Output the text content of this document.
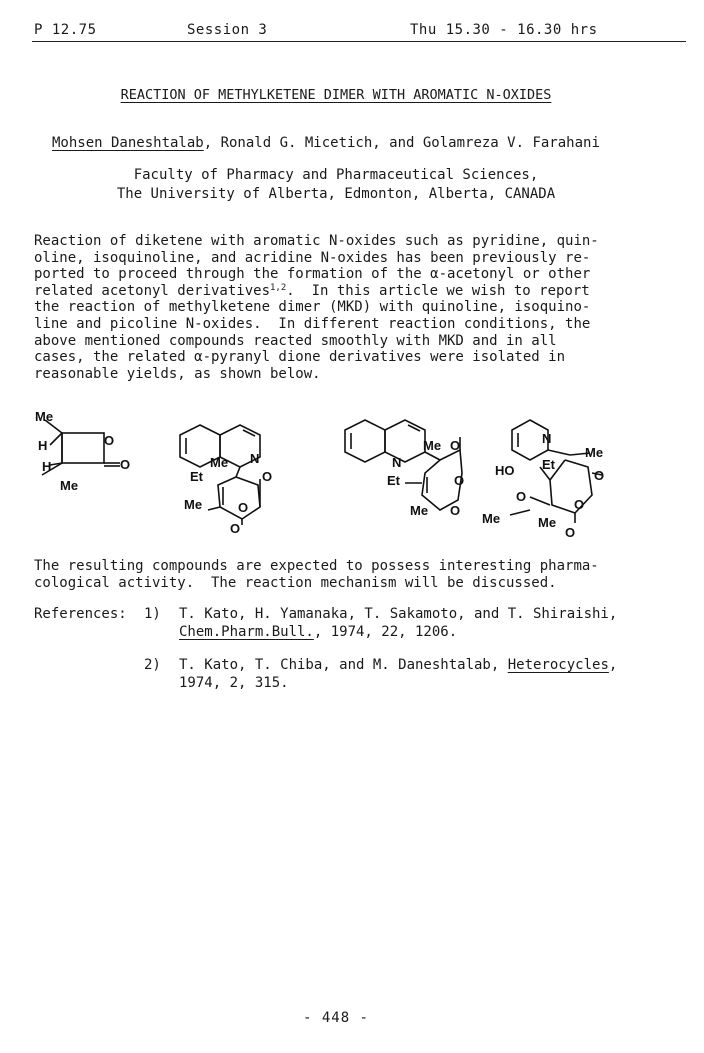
P 12.75	Session 3	Thu 15.30 - 16.30 hrs
REACTION OF METHYLKETENE DIMER WITH AROMATIC N-OXIDES
Mohsen Daneshtalab, Ronald G. Micetich, and Golamreza V. Farahani
Faculty of Pharmacy and Pharmaceutical Sciences,
The University of Alberta, Edmonton, Alberta, CANADA
Reaction of diketene with aromatic N-oxides such as pyridine, quin-
oline, isoquinoline, and acridine N-oxides has been previously re-
ported to proceed through the formation of the α-acetonyl or other
related acetonyl derivatives$^{1,2}$.  In this article we wish to report
the reaction of methylketene dimer (MKD) with quinoline, isoquino-
line and picoline N-oxides.  In different reaction conditions, the
above mentioned compounds reacted smoothly with MKD and in all
cases, the related α-pyranyl dione derivatives were isolated in
reasonable yields, as shown below.
Me
H
H
Me
O
O	N
Me
Et	O
Me	O
O
N
Me O
Et	O
Me O
N
Me
HO Et
O
O
O
Me	Me
O
The resulting compounds are expected to possess interesting pharma-
cological activity.  The reaction mechanism will be discussed.
References: 1) T. Kato, H. Yamanaka, T. Sakamoto, and T. Shiraishi,
Chem.Pharm.Bull., 1974, 22, 1206.
2) T. Kato, T. Chiba, and M. Daneshtalab, Heterocycles,
1974, 2, 315.
- 448 -
